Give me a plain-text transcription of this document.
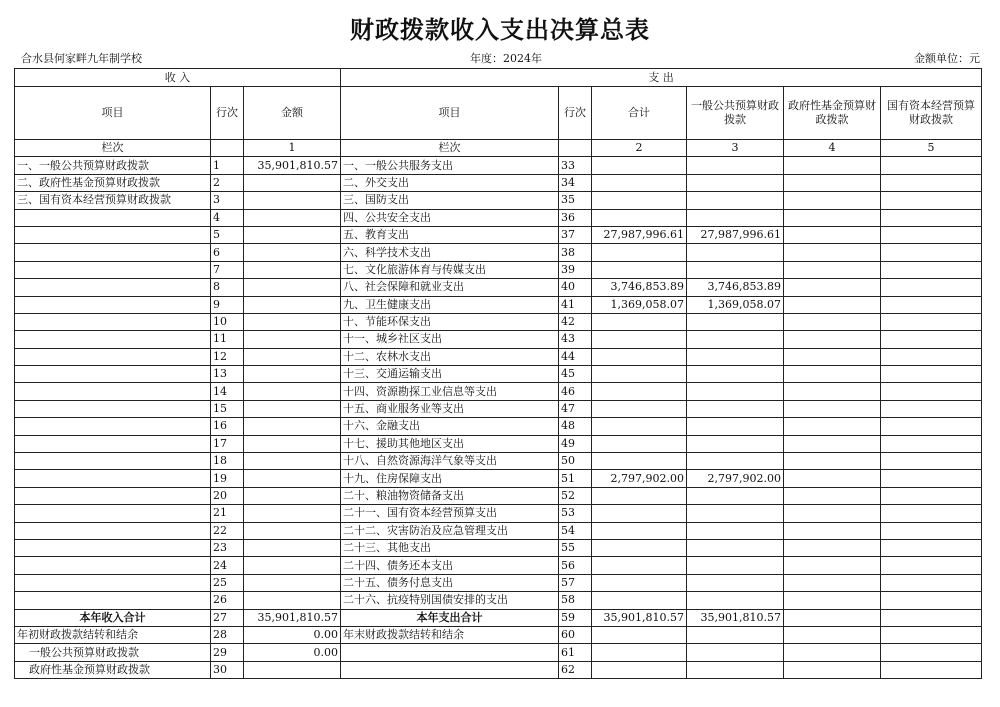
财政拨款收入支出决算总表
合水县何家畔九年制学校	年度：2024年	金额单位：元
收 入			支 出					
项目	行次	金额	项目	行次	合计	一般公共预算财政拨款	政府性基金预算财政拨款	国有资本经营预算财政拨款
栏次		1	栏次		2	3	4	5
一、一般公共预算财政拨款	1	35,901,810.57	一、一般公共服务支出	33				
二、政府性基金预算财政拨款	2		二、外交支出	34				
三、国有资本经营预算财政拨款	3		三、国防支出	35				
	4		四、公共安全支出	36				
	5		五、教育支出	37	27,987,996.61	27,987,996.61		
	6		六、科学技术支出	38				
	7		七、文化旅游体育与传媒支出	39				
	8		八、社会保障和就业支出	40	3,746,853.89	3,746,853.89		
	9		九、卫生健康支出	41	1,369,058.07	1,369,058.07		
	10		十、节能环保支出	42				
	11		十一、城乡社区支出	43				
	12		十二、农林水支出	44				
	13		十三、交通运输支出	45				
	14		十四、资源勘探工业信息等支出	46				
	15		十五、商业服务业等支出	47				
	16		十六、金融支出	48				
	17		十七、援助其他地区支出	49				
	18		十八、自然资源海洋气象等支出	50				
	19		十九、住房保障支出	51	2,797,902.00	2,797,902.00		
	20		二十、粮油物资储备支出	52				
	21		二十一、国有资本经营预算支出	53				
	22		二十二、灾害防治及应急管理支出	54				
	23		二十三、其他支出	55				
	24		二十四、债务还本支出	56				
	25		二十五、债务付息支出	57				
	26		二十六、抗疫特别国债安排的支出	58				
本年收入合计	27	35,901,810.57	本年支出合计	59	35,901,810.57	35,901,810.57		
年初财政拨款结转和结余	28	0.00	年末财政拨款结转和结余	60				
一般公共预算财政拨款	29	0.00		61				
政府性基金预算财政拨款	30			62				
